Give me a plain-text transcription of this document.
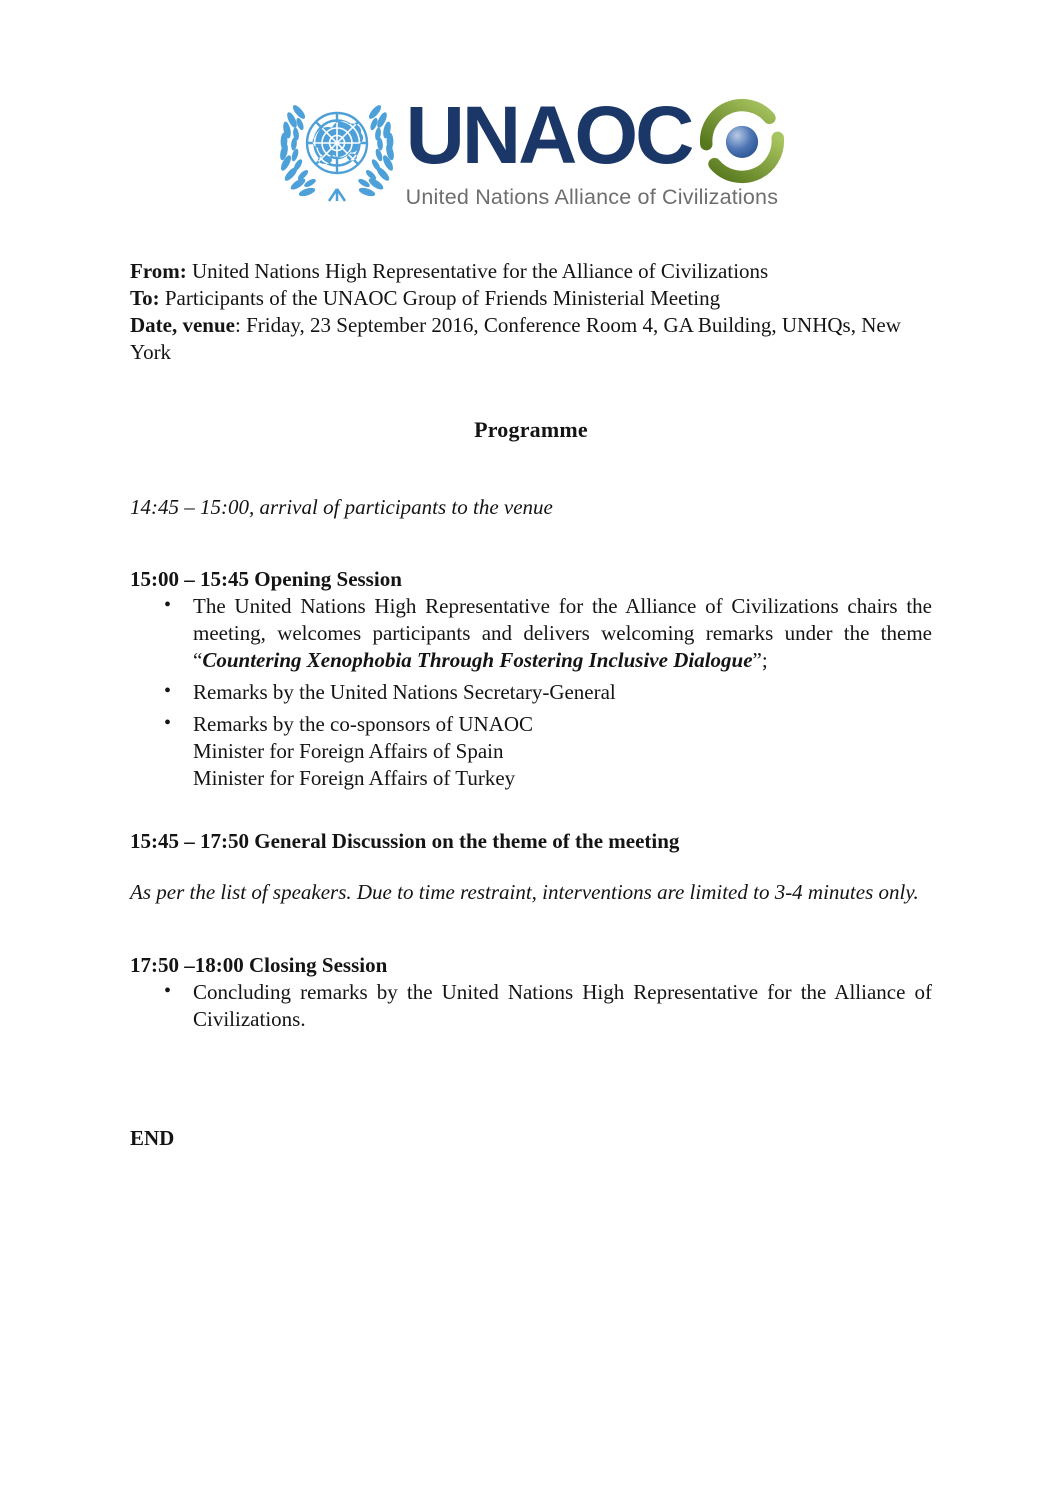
UNAOC
United Nations Alliance of Civilizations
From: United Nations High Representative for the Alliance of Civilizations
To: Participants of the UNAOC Group of Friends Ministerial Meeting
Date, venue: Friday, 23 September 2016, Conference Room 4, GA Building, UNHQs, New York
Programme
14:45 – 15:00, arrival of participants to the venue
15:00 – 15:45 Opening Session
• The United Nations High Representative for the Alliance of Civilizations chairs the meeting, welcomes participants and delivers welcoming remarks under the theme “Countering Xenophobia Through Fostering Inclusive Dialogue”;
• Remarks by the United Nations Secretary-General
• Remarks by the co-sponsors of UNAOC
Minister for Foreign Affairs of Spain
Minister for Foreign Affairs of Turkey
15:45 – 17:50 General Discussion on the theme of the meeting
As per the list of speakers. Due to time restraint, interventions are limited to 3-4 minutes only.
17:50 –18:00 Closing Session
• Concluding remarks by the United Nations High Representative for the Alliance of Civilizations.
END
